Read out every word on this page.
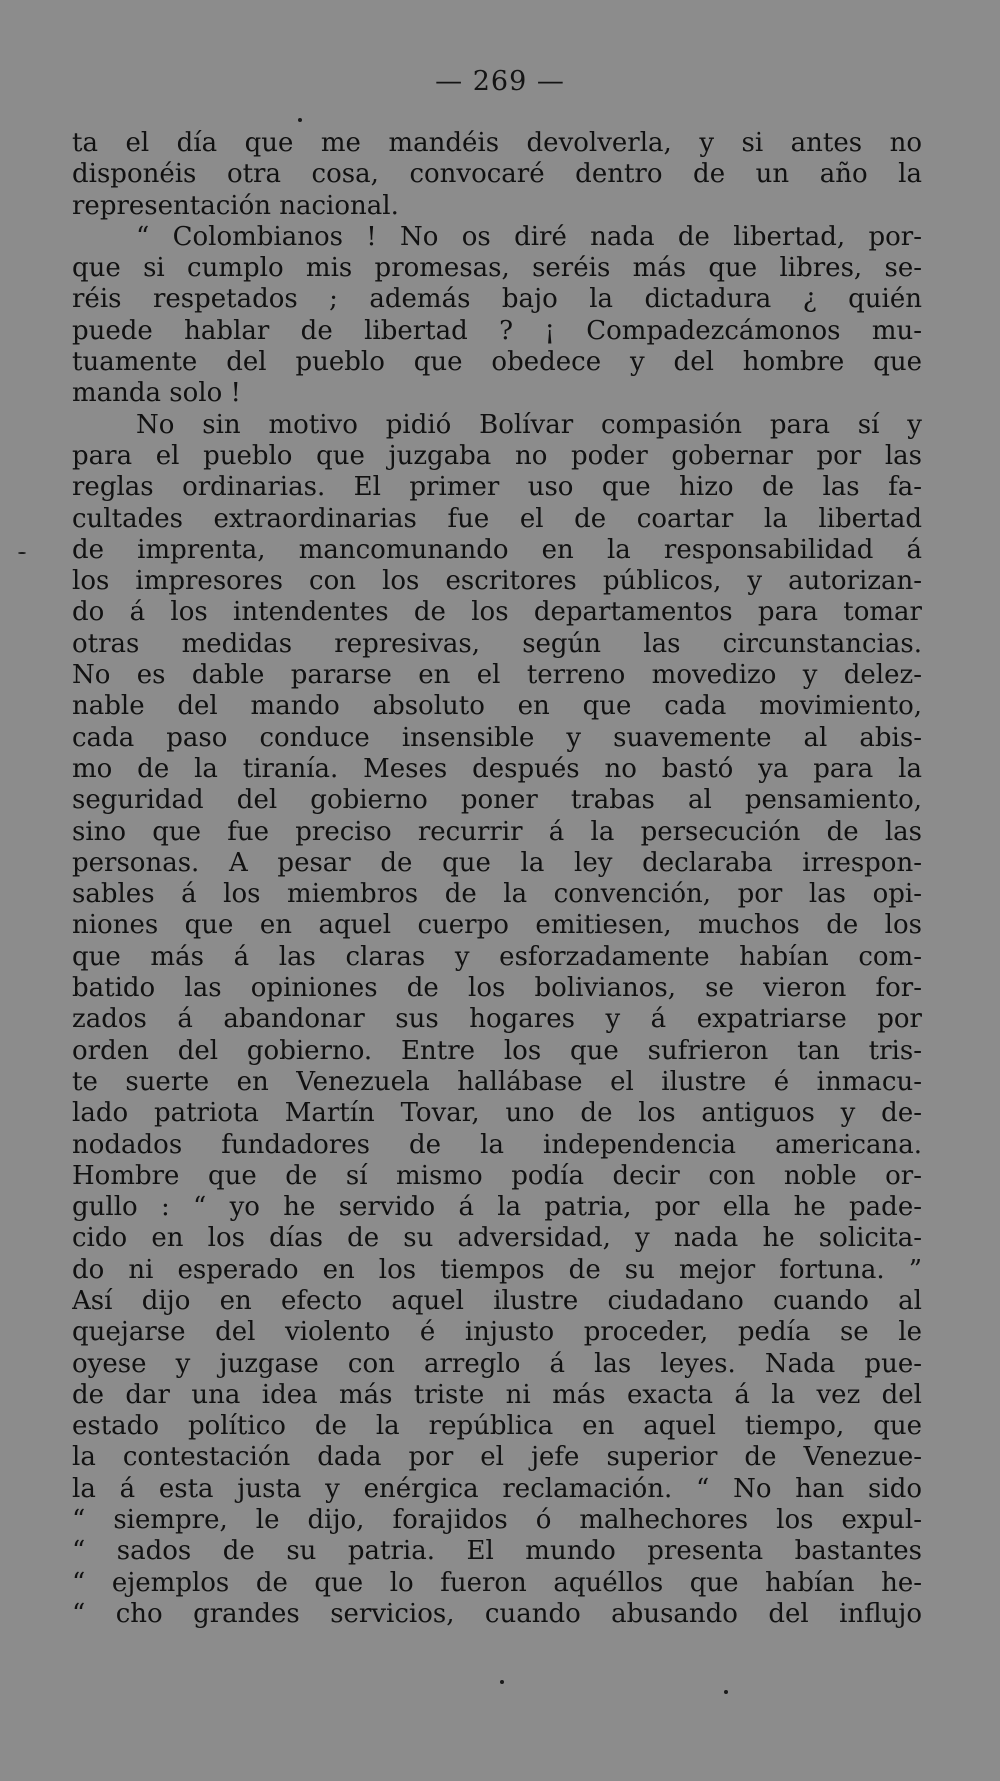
— 269 —
ta el día que me mandéis devolverla, y si antes no
disponéis otra cosa, convocaré dentro de un año la
representación nacional.
“ Colombianos ! No os diré nada de libertad, por-
que si cumplo mis promesas, seréis más que libres, se-
réis respetados ; además bajo la dictadura ¿ quién
puede hablar de libertad ? ¡ Compadezcámonos mu-
tuamente del pueblo que obedece y del hombre que
manda solo !
No sin motivo pidió Bolívar compasión para sí y
para el pueblo que juzgaba no poder gobernar por las
reglas ordinarias. El primer uso que hizo de las fa-
cultades extraordinarias fue el de coartar la libertad
de imprenta, mancomunando en la responsabilidad á
los impresores con los escritores públicos, y autorizan-
do á los intendentes de los departamentos para tomar
otras medidas represivas, según las circunstancias.
No es dable pararse en el terreno movedizo y delez-
nable del mando absoluto en que cada movimiento,
cada paso conduce insensible y suavemente al abis-
mo de la tiranía. Meses después no bastó ya para la
seguridad del gobierno poner trabas al pensamiento,
sino que fue preciso recurrir á la persecución de las
personas. A pesar de que la ley declaraba irrespon-
sables á los miembros de la convención, por las opi-
niones que en aquel cuerpo emitiesen, muchos de los
que más á las claras y esforzadamente habían com-
batido las opiniones de los bolivianos, se vieron for-
zados á abandonar sus hogares y á expatriarse por
orden del gobierno. Entre los que sufrieron tan tris-
te suerte en Venezuela hallábase el ilustre é inmacu-
lado patriota Martín Tovar, uno de los antiguos y de-
nodados fundadores de la independencia americana.
Hombre que de sí mismo podía decir con noble or-
gullo : “ yo he servido á la patria, por ella he pade-
cido en los días de su adversidad, y nada he solicita-
do ni esperado en los tiempos de su mejor fortuna. ”
Así dijo en efecto aquel ilustre ciudadano cuando al
quejarse del violento é injusto proceder, pedía se le
oyese y juzgase con arreglo á las leyes. Nada pue-
de dar una idea más triste ni más exacta á la vez del
estado político de la república en aquel tiempo, que
la contestación dada por el jefe superior de Venezue-
la á esta justa y enérgica reclamación. “ No han sido
“ siempre, le dijo, forajidos ó malhechores los expul-
“ sados de su patria. El mundo presenta bastantes
“ ejemplos de que lo fueron aquéllos que habían he-
“ cho grandes servicios, cuando abusando del influjo
